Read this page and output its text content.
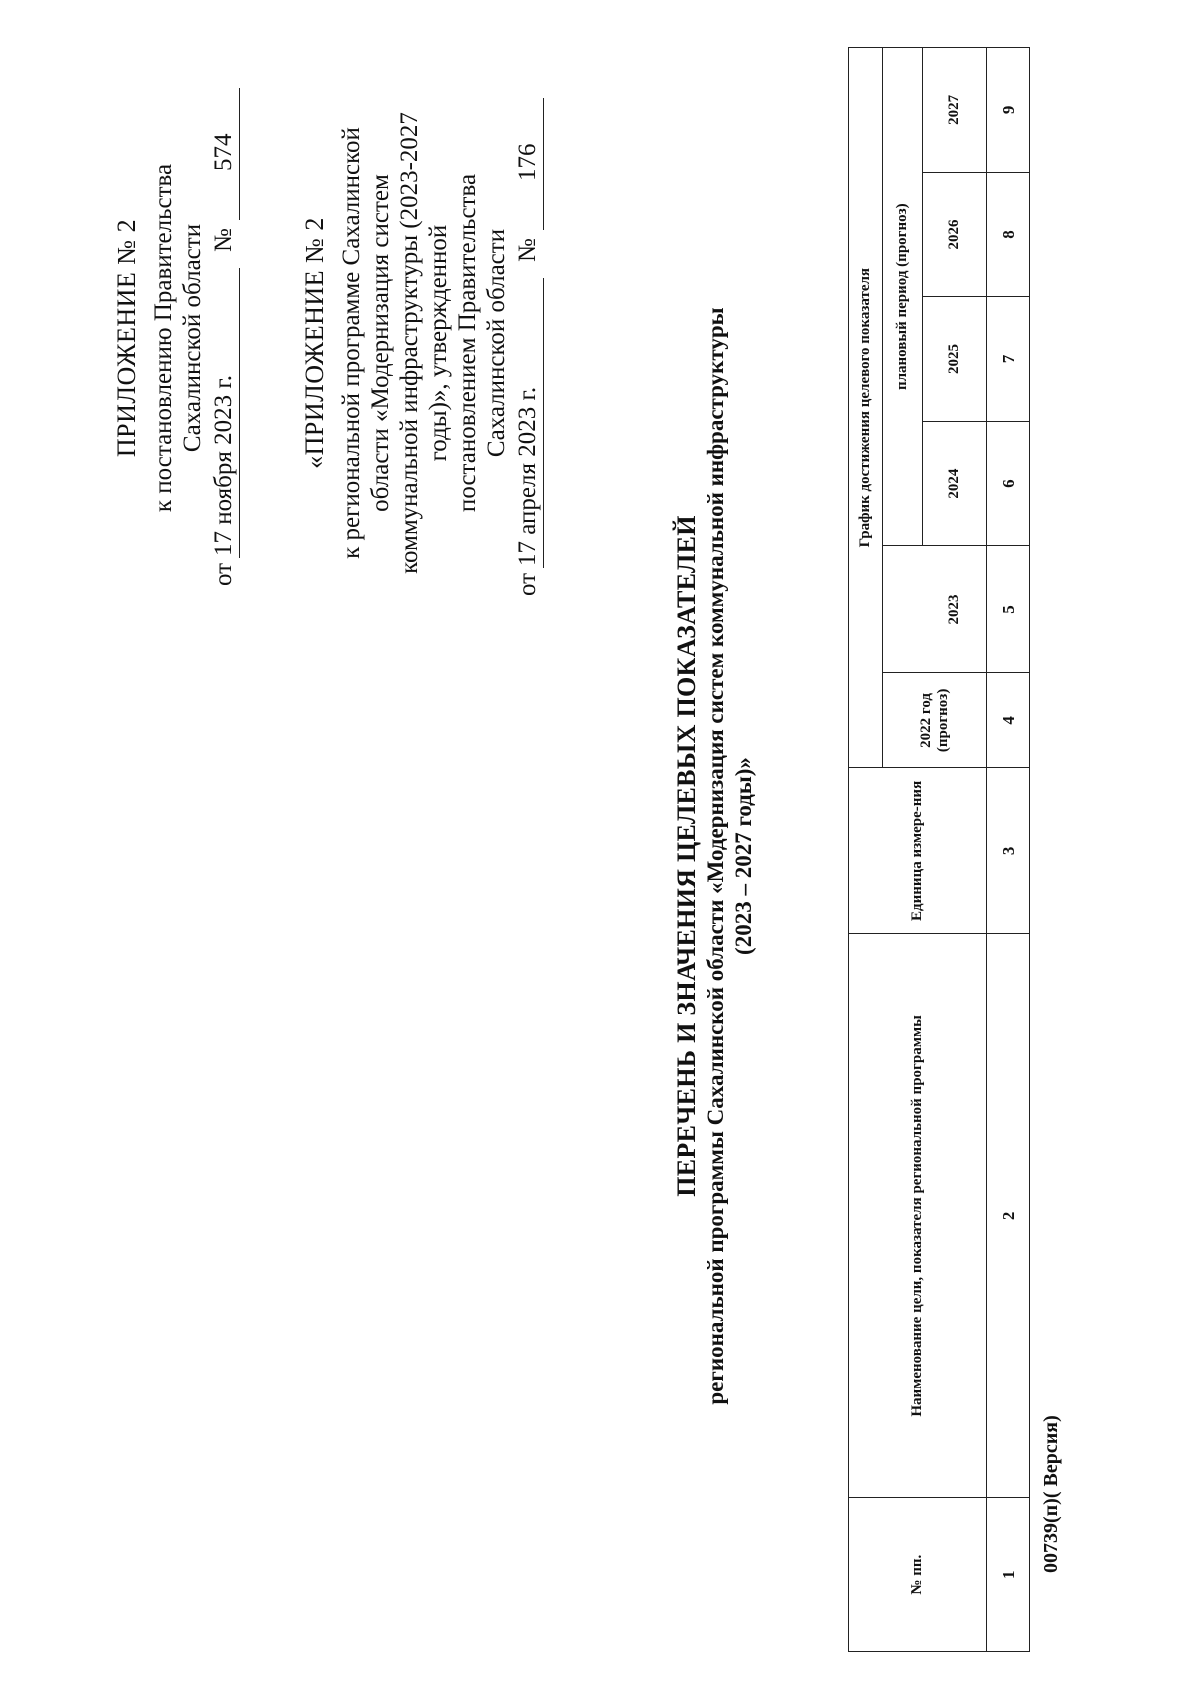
ПРИЛОЖЕНИЕ № 2 к постановлению Правительства Сахалинской области
от
17 ноября 2023 г.
№
574
«ПРИЛОЖЕНИЕ № 2 к региональной программе Сахалинской области «Модернизация систем коммунальной инфраструктуры (2023-2027 годы)», утвержденной постановлением Правительства Сахалинской области
от
17 апреля 2023 г.
№
176
ПЕРЕЧЕНЬ И ЗНАЧЕНИЯ ЦЕЛЕВЫХ ПОКАЗАТЕЛЕЙ региональной программы Сахалинской области «Модернизация систем коммунальной инфраструктуры (2023 – 2027 годы)»
№ пп.	Наименование цели, показателя региональной программы	Единица измере-ния	График достижения целевого показателя					
			2022 год (прогноз)		плановый период (прогноз)			
				2023	2024	2025	2026	2027
1	2	3	4	5	6	7	8	9
00739(п)( Версия)
